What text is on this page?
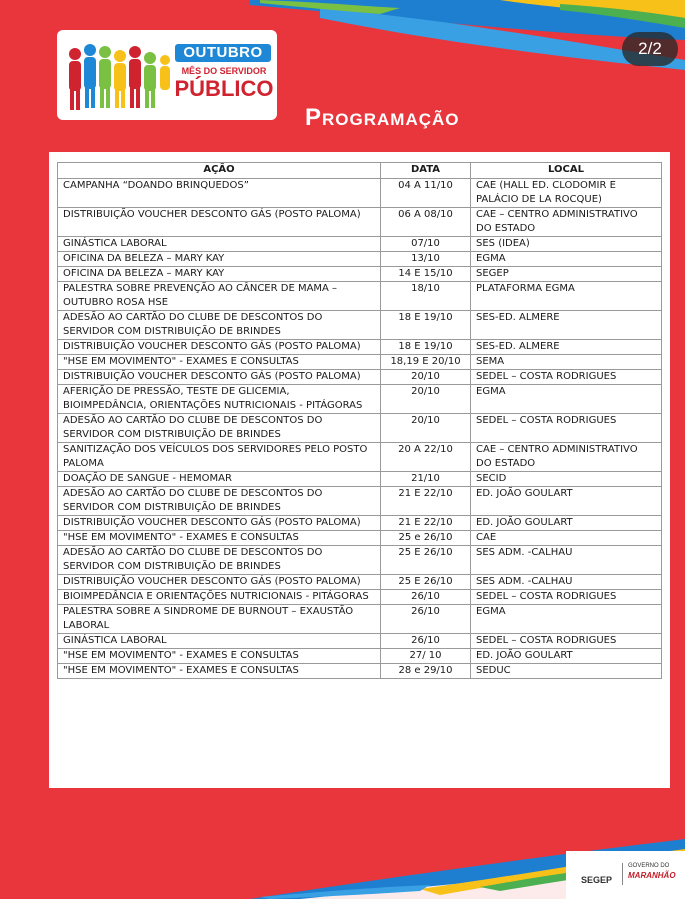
2/2
OUTUBRO
MÊS DO SERVIDOR
PÚBLICO
Programação
AÇÃO	DATA	LOCAL
CAMPANHA “DOANDO BRINQUEDOS”	04 A 11/10	CAE (HALL ED. CLODOMIR E PALÁCIO DE LA ROCQUE)
DISTRIBUIÇÃO VOUCHER DESCONTO GÁS (POSTO PALOMA)	06 A 08/10	CAE – CENTRO ADMINISTRATIVO DO ESTADO
GINÁSTICA LABORAL	07/10	SES (IDEA)
OFICINA DA BELEZA – MARY KAY	13/10	EGMA
OFICINA DA BELEZA – MARY KAY	14 E 15/10	SEGEP
PALESTRA SOBRE PREVENÇÃO AO CÂNCER DE MAMA – OUTUBRO ROSA HSE	18/10	PLATAFORMA EGMA
ADESÃO AO CARTÃO DO CLUBE DE DESCONTOS DO SERVIDOR COM DISTRIBUIÇÃO DE BRINDES	18 E 19/10	SES-ED. ALMERE
DISTRIBUIÇÃO VOUCHER DESCONTO GÁS (POSTO PALOMA)	18 E 19/10	SES-ED. ALMERE
"HSE EM MOVIMENTO" - EXAMES E CONSULTAS	18,19 E 20/10	SEMA
DISTRIBUIÇÃO VOUCHER DESCONTO GÁS (POSTO PALOMA)	20/10	SEDEL – COSTA RODRIGUES
AFERIÇÃO DE PRESSÃO, TESTE DE GLICEMIA, BIOIMPEDÂNCIA, ORIENTAÇÕES NUTRICIONAIS - PITÁGORAS	20/10	EGMA
ADESÃO AO CARTÃO DO CLUBE DE DESCONTOS DO SERVIDOR COM DISTRIBUIÇÃO DE BRINDES	20/10	SEDEL – COSTA RODRIGUES
SANITIZAÇÃO DOS VEÍCULOS DOS SERVIDORES PELO POSTO PALOMA	20 A 22/10	CAE – CENTRO ADMINISTRATIVO DO ESTADO
DOAÇÃO DE SANGUE - HEMOMAR	21/10	SECID
ADESÃO AO CARTÃO DO CLUBE DE DESCONTOS DO SERVIDOR COM DISTRIBUIÇÃO DE BRINDES	21 E 22/10	ED. JOÃO GOULART
DISTRIBUIÇÃO VOUCHER DESCONTO GÁS (POSTO PALOMA)	21 E 22/10	ED. JOÃO GOULART
"HSE EM MOVIMENTO" - EXAMES E CONSULTAS	25 e 26/10	CAE
ADESÃO AO CARTÃO DO CLUBE DE DESCONTOS DO SERVIDOR COM DISTRIBUIÇÃO DE BRINDES	25 E 26/10	SES ADM. -CALHAU
DISTRIBUIÇÃO VOUCHER DESCONTO GÁS (POSTO PALOMA)	25 E 26/10	SES ADM. -CALHAU
BIOIMPEDÂNCIA E ORIENTAÇÕES NUTRICIONAIS - PITÁGORAS	26/10	SEDEL – COSTA RODRIGUES
PALESTRA SOBRE A SINDROME DE BURNOUT – EXAUSTÃO LABORAL	26/10	EGMA
GINÁSTICA LABORAL	26/10	SEDEL – COSTA RODRIGUES
"HSE EM MOVIMENTO" - EXAMES E CONSULTAS	27/ 10	ED. JOÃO GOULART
"HSE EM MOVIMENTO" - EXAMES E CONSULTAS	28 e 29/10	SEDUC
GOVERNO DO
MARANHÃO
SEGEP
